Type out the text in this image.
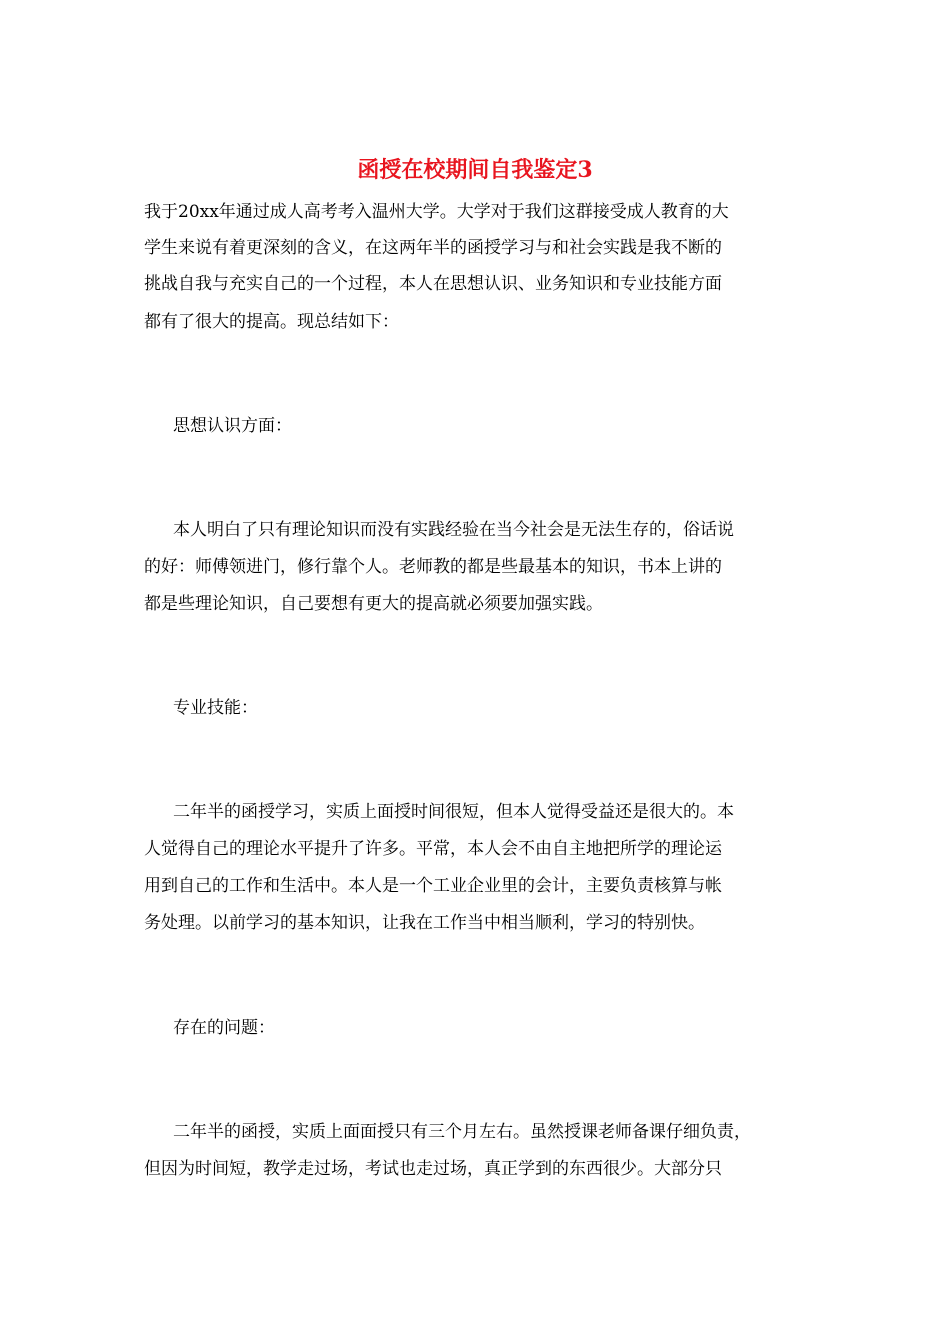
函授在校期间自我鉴定3
我于20xx年通过成人高考考入温州大学。大学对于我们这群接受成人教育的大
学生来说有着更深刻的含义，在这两年半的函授学习与和社会实践是我不断的
挑战自我与充实自己的一个过程，本人在思想认识、业务知识和专业技能方面
都有了很大的提高。现总结如下：
思想认识方面：
本人明白了只有理论知识而没有实践经验在当今社会是无法生存的，俗话说
的好：师傅领进门，修行靠个人。老师教的都是些最基本的知识，书本上讲的
都是些理论知识，自己要想有更大的提高就必须要加强实践。
专业技能：
二年半的函授学习，实质上面授时间很短，但本人觉得受益还是很大的。本
人觉得自己的理论水平提升了许多。平常，本人会不由自主地把所学的理论运
用到自己的工作和生活中。本人是一个工业企业里的会计，主要负责核算与帐
务处理。以前学习的基本知识，让我在工作当中相当顺利，学习的特别快。
存在的问题：
二年半的函授，实质上面面授只有三个月左右。虽然授课老师备课仔细负责，
但因为时间短，教学走过场，考试也走过场，真正学到的东西很少。大部分只
